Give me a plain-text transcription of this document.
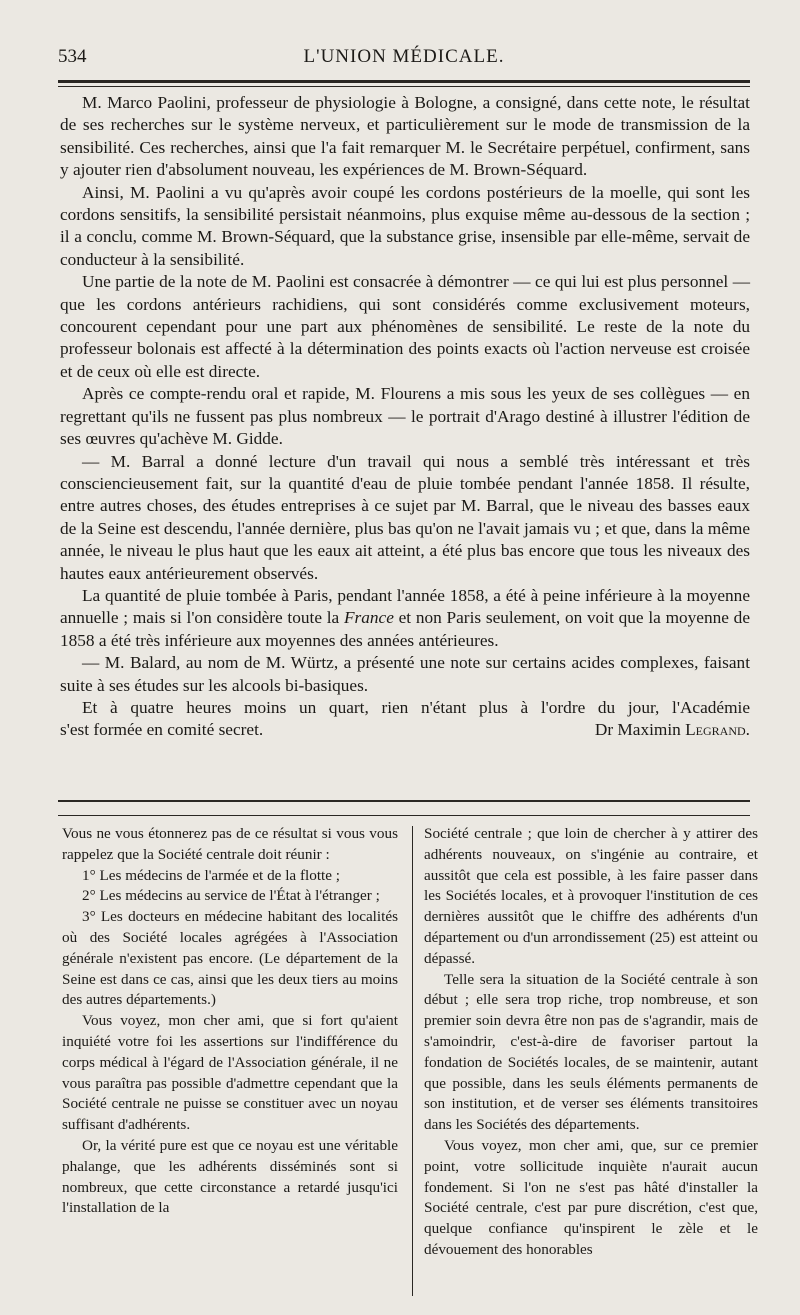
534	L'UNION MÉDICALE.

M. Marco Paolini, professeur de physiologie à Bologne, a consigné, dans cette note, le résultat de ses recherches sur le système nerveux, et particulièrement sur le mode de transmission de la sensibilité. Ces recherches, ainsi que l'a fait remarquer M. le Secrétaire perpétuel, confirment, sans y ajouter rien d'absolument nouveau, les expériences de M. Brown-Séquard.

Ainsi, M. Paolini a vu qu'après avoir coupé les cordons postérieurs de la moelle, qui sont les cordons sensitifs, la sensibilité persistait néanmoins, plus exquise même au-dessous de la section ; il a conclu, comme M. Brown-Séquard, que la substance grise, insensible par elle-même, servait de conducteur à la sensibilité.

Une partie de la note de M. Paolini est consacrée à démontrer — ce qui lui est plus personnel — que les cordons antérieurs rachidiens, qui sont considérés comme exclusivement moteurs, concourent cependant pour une part aux phénomènes de sensibilité. Le reste de la note du professeur bolonais est affecté à la détermination des points exacts où l'action nerveuse est croisée et de ceux où elle est directe.

Après ce compte-rendu oral et rapide, M. Flourens a mis sous les yeux de ses collègues — en regrettant qu'ils ne fussent pas plus nombreux — le portrait d'Arago destiné à illustrer l'édition de ses œuvres qu'achève M. Gidde.

— M. Barral a donné lecture d'un travail qui nous a semblé très intéressant et très consciencieusement fait, sur la quantité d'eau de pluie tombée pendant l'année 1858. Il résulte, entre autres choses, des études entreprises à ce sujet par M. Barral, que le niveau des basses eaux de la Seine est descendu, l'année dernière, plus bas qu'on ne l'avait jamais vu ; et que, dans la même année, le niveau le plus haut que les eaux ait atteint, a été plus bas encore que tous les niveaux des hautes eaux antérieurement observés.

La quantité de pluie tombée à Paris, pendant l'année 1858, a été à peine inférieure à la moyenne annuelle ; mais si l'on considère toute la France et non Paris seulement, on voit que la moyenne de 1858 a été très inférieure aux moyennes des années antérieures.

— M. Balard, au nom de M. Würtz, a présenté une note sur certains acides complexes, faisant suite à ses études sur les alcools bi-basiques.

Et à quatre heures moins un quart, rien n'étant plus à l'ordre du jour, l'Académie

s'est formée en comité secret.	Dr Maximin Legrand.

Vous ne vous étonnerez pas de ce résultat si vous vous rappelez que la Société centrale doit réunir :

1° Les médecins de l'armée et de la flotte ;

2° Les médecins au service de l'État à l'étranger ;

3° Les docteurs en médecine habitant des localités où des Société locales agrégées à l'Association générale n'existent pas encore. (Le département de la Seine est dans ce cas, ainsi que les deux tiers au moins des autres départements.)

Vous voyez, mon cher ami, que si fort qu'aient inquiété votre foi les assertions sur l'indifférence du corps médical à l'égard de l'Association générale, il ne vous paraîtra pas possible d'admettre cependant que la Société centrale ne puisse se constituer avec un noyau suffisant d'adhérents.

Or, la vérité pure est que ce noyau est une véritable phalange, que les adhérents disséminés sont si nombreux, que cette circonstance a retardé jusqu'ici l'installation de la

Société centrale ; que loin de chercher à y attirer des adhérents nouveaux, on s'ingénie au contraire, et aussitôt que cela est possible, à les faire passer dans les Sociétés locales, et à provoquer l'institution de ces dernières aussitôt que le chiffre des adhérents d'un département ou d'un arrondissement (25) est atteint ou dépassé.

Telle sera la situation de la Société centrale à son début ; elle sera trop riche, trop nombreuse, et son premier soin devra être non pas de s'agrandir, mais de s'amoindrir, c'est-à-dire de favoriser partout la fondation de Sociétés locales, de se maintenir, autant que possible, dans les seuls éléments permanents de son institution, et de verser ses éléments transitoires dans les Sociétés des départements.

Vous voyez, mon cher ami, que, sur ce premier point, votre sollicitude inquiète n'aurait aucun fondement. Si l'on ne s'est pas hâté d'installer la Société centrale, c'est par pure discrétion, c'est que, quelque confiance qu'inspirent le zèle et le dévouement des honorables
